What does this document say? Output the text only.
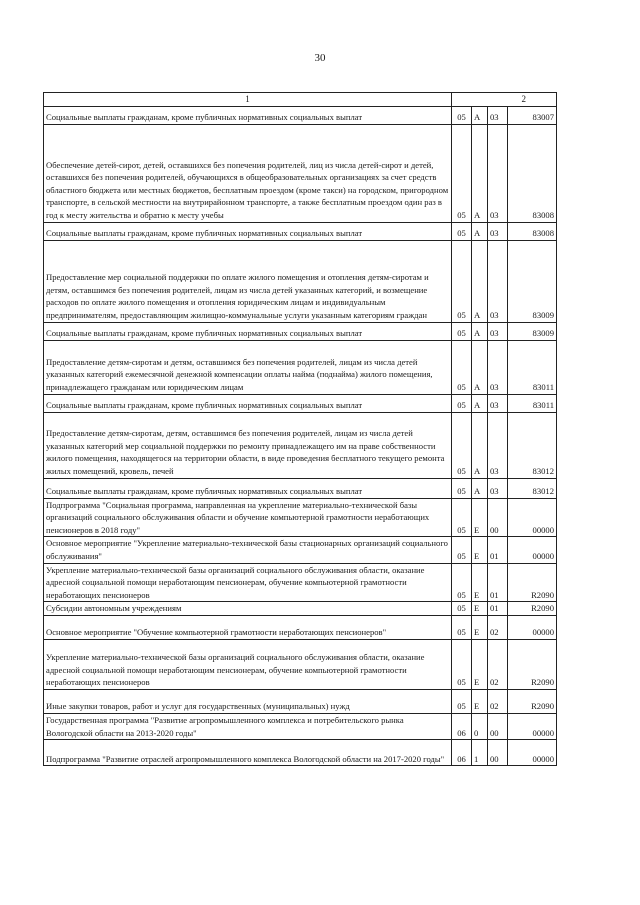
30
1	2			
Социальные выплаты гражданам, кроме публичных нормативных социальных выплат	05	А	03	83007
Обеспечение детей-сирот, детей, оставшихся без попечения родителей, лиц из числа детей-сирот и детей, оставшихся без попечения родителей, обучающихся в общеобразовательных организациях за счет средств областного бюджета или местных бюджетов, бесплатным проездом (кроме такси) на городском, пригородном транспорте, в сельской местности на внутрирайонном транспорте, а также бесплатным проездом один раз в год к месту жительства и обратно к месту учебы	05	А	03	83008
Социальные выплаты гражданам, кроме публичных нормативных социальных выплат	05	А	03	83008
Предоставление мер социальной поддержки по оплате жилого помещения и отопления детям-сиротам и детям, оставшимся без попечения родителей, лицам из числа детей указанных категорий, и возмещение расходов по оплате жилого помещения и отопления юридическим лицам и индивидуальным предпринимателям, предоставляющим жилищно-коммунальные услуги указанным категориям граждан	05	А	03	83009
Социальные выплаты гражданам, кроме публичных нормативных социальных выплат	05	А	03	83009
Предоставление детям-сиротам и детям, оставшимся без попечения родителей, лицам из числа детей указанных категорий ежемесячной денежной компенсации оплаты найма (поднайма) жилого помещения, принадлежащего гражданам или юридическим лицам	05	А	03	83011
Социальные выплаты гражданам, кроме публичных нормативных социальных выплат	05	А	03	83011
Предоставление детям-сиротам, детям, оставшимся без попечения родителей, лицам из числа детей указанных категорий мер социальной поддержки по ремонту принадлежащего им на праве собственности жилого помещения, находящегося на территории области, в виде проведения бесплатного текущего ремонта жилых помещений, кровель, печей	05	А	03	83012
Социальные выплаты гражданам, кроме публичных нормативных социальных выплат	05	А	03	83012
Подпрограмма "Социальная программа, направленная на укрепление материально-технической базы организаций социального обслуживания области и обучение компьютерной грамотности неработающих пенсионеров в 2018 году"	05	Е	00	00000
Основное мероприятие "Укрепление материально-технической базы стационарных организаций социального обслуживания"	05	Е	01	00000
Укрепление материально-технической базы организаций социального обслуживания области, оказание адресной социальной помощи неработающим пенсионерам, обучение компьютерной грамотности неработающих пенсионеров	05	Е	01	R2090
Субсидии автономным учреждениям	05	Е	01	R2090
Основное мероприятие "Обучение компьютерной грамотности неработающих пенсионеров"	05	Е	02	00000
Укрепление материально-технической базы организаций социального обслуживания области, оказание адресной социальной помощи неработающим пенсионерам, обучение компьютерной грамотности неработающих пенсионеров	05	Е	02	R2090
Иные закупки товаров, работ и услуг для государственных (муниципальных) нужд	05	Е	02	R2090
Государственная программа "Развитие агропромышленного комплекса и потребительского рынка Вологодской области на 2013-2020 годы"	06	0	00	00000
Подпрограмма "Развитие отраслей агропромышленного комплекса Вологодской области на 2017-2020 годы"	06	1	00	00000
